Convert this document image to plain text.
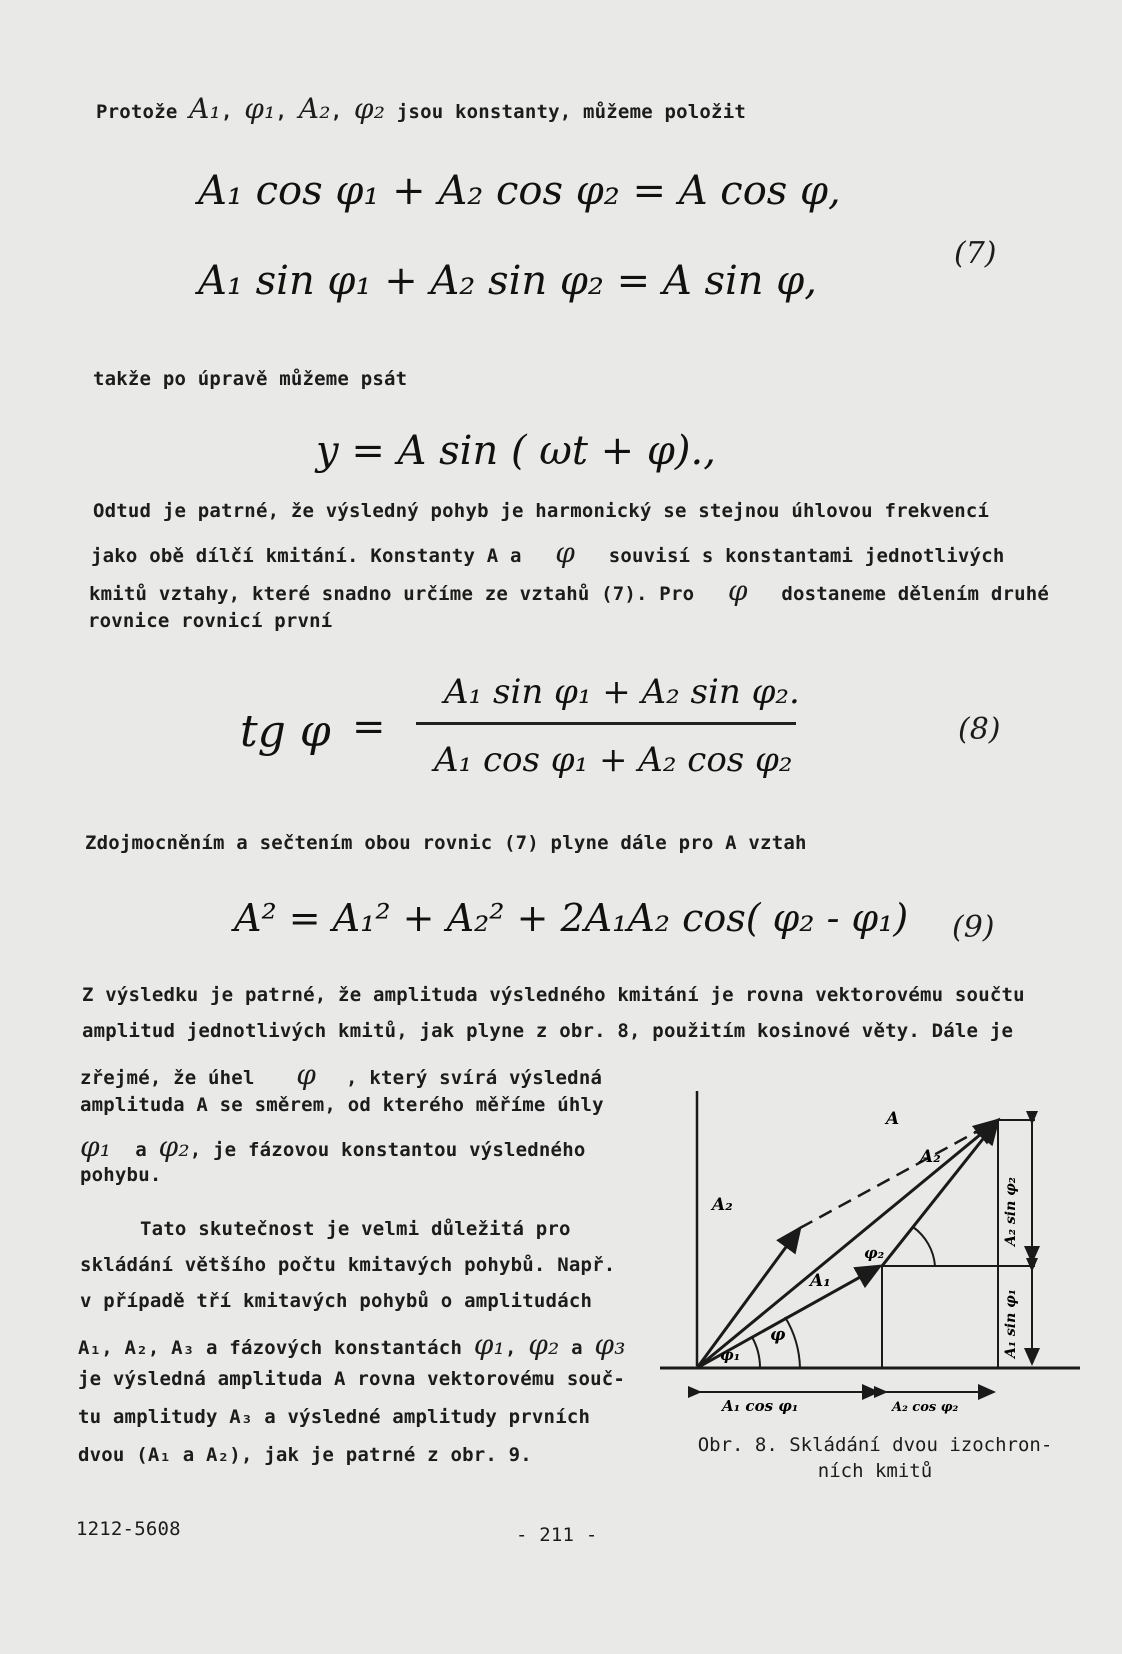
Protože A₁, φ₁, A₂, φ₂ jsou konstanty, můžeme položit
A₁ cos φ₁ + A₂ cos φ₂ = A cos φ,
A₁ sin φ₁ + A₂ sin φ₂ = A sin φ,
(7)
takže po úpravě můžeme psát
y = A sin ( ωt + φ).,
Odtud je patrné, že výsledný pohyb je harmonický se stejnou úhlovou frekvencí
jako obě dílčí kmitání. Konstanty A a φ souvisí s konstantami jednotlivých
kmitů vztahy, které snadno určíme ze vztahů (7). Pro φ dostaneme dělením druhé
rovnice rovnicí první
tg φ =
A₁ sin φ₁ + A₂ sin φ₂.
A₁ cos φ₁ + A₂ cos φ₂
(8)
Zdojmocněním a sečtením obou rovnic (7) plyne dále pro A vztah
A² = A₁² + A₂² + 2A₁A₂ cos( φ₂ - φ₁) (9)
Z výsledku je patrné, že amplituda výsledného kmitání je rovna vektorovému součtu
amplitud jednotlivých kmitů, jak plyne z obr. 8, použitím kosinové věty. Dále je
zřejmé, že úhel φ , který svírá výsledná
amplituda A se směrem, od kterého měříme úhly
φ₁ a φ₂, je fázovou konstantou výsledného
pohybu.
Tato skutečnost je velmi důležitá pro
skládání většího počtu kmitavých pohybů. Např.
v případě tří kmitavých pohybů o amplitudách
A₁, A₂, A₃ a fázových konstantách φ₁, φ₂ a φ₃
je výsledná amplituda A rovna vektorovému souč-
tu amplitudy A₃ a výsledné amplitudy prvních
dvou (A₁ a A₂), jak je patrné z obr. 9.
A
A₂
A₂
A₁
φ
φ₁
φ₂
A₁ cos φ₁	A₂ cos φ₂
A₂ sin φ₂
A₁ sin φ₁
Obr. 8. Skládání dvou izochron-
ních kmitů
1212-5608	- 211 -
